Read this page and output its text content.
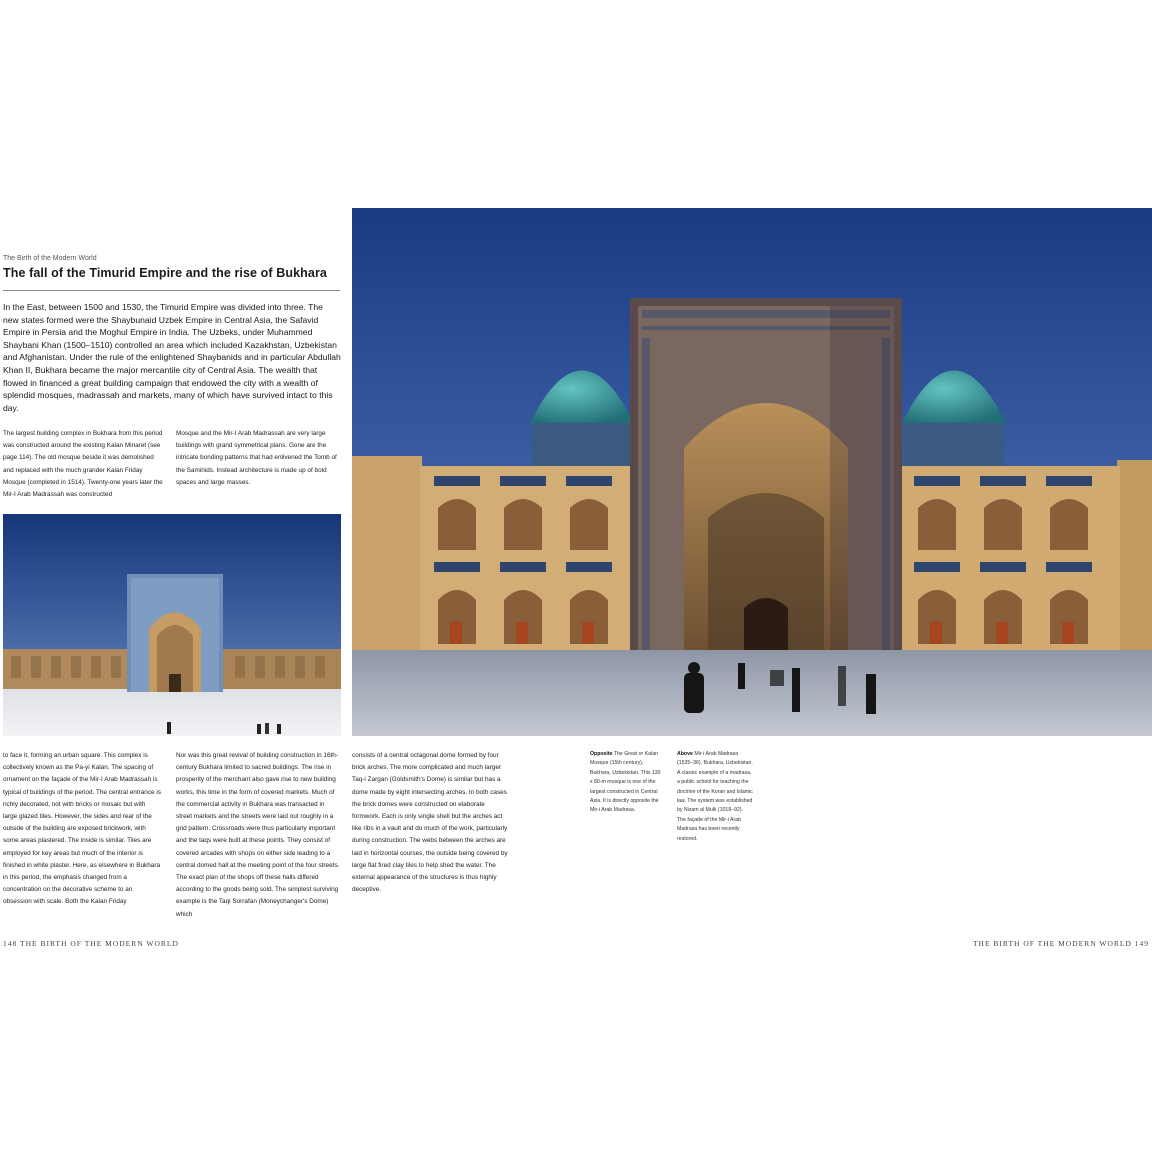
The Birth of the Modern World
The fall of the Timurid Empire and the rise of Bukhara
In the East, between 1500 and 1530, the Timurid Empire was divided into three. The new states formed were the Shaybunaid Uzbek Empire in Central Asia, the Safavid Empire in Persia and the Moghul Empire in India. The Uzbeks, under Muhammed Shaybani Khan (1500–1510) controlled an area which included Kazakhstan, Uzbekistan and Afghanistan. Under the rule of the enlightened Shaybanids and in particular Abdullah Khan II, Bukhara became the major mercantile city of Central Asia. The wealth that flowed in financed a great building campaign that endowed the city with a wealth of splendid mosques, madrassah and markets, many of which have survived intact to this day.
The largest building complex in Bukhara from this period was constructed around the existing Kalan Minaret (see page 114). The old mosque beside it was demolished and replaced with the much grander Kalan Friday Mosque (completed in 1514). Twenty-one years later the Mir-I Arab Madrassah was constructed
Mosque and the Mir-I Arab Madrassah are very large buildings with grand symmetrical plans. Gone are the intricate bonding patterns that had enlivened the Tomb of the Saminids. Instead architecture is made up of bold spaces and large masses.
to face it, forming an urban square. This complex is collectively known as the Pa-yi Kalan. The spacing of ornament on the façade of the Mir-I Arab Madrassah is typical of buildings of the period. The central entrance is richly decorated, not with bricks or mosaic but with large glazed tiles. However, the sides and rear of the outside of the building are exposed brickwork, with some areas plastered. The inside is similar. Tiles are employed for key areas but much of the interior is finished in white plaster. Here, as elsewhere in Bukhara in this period, the emphasis changed from a concentration on the decorative scheme to an obsession with scale. Both the Kalan Friday
Nor was this great revival of building construction in 16th-century Bukhara limited to sacred buildings. The rise in prosperity of the merchant also gave rise to new building works, this time in the form of covered markets. Much of the commercial activity in Bukhara was transacted in street markets and the streets were laid out roughly in a grid pattern. Crossroads were thus particularly important and the taqs were built at these points. They consist of covered arcades with shops on either side leading to a central domed hall at the meeting point of the four streets. The exact plan of the shops off these halls differed according to the goods being sold. The simplest surviving example is the Taqi Sorrafan (Moneychanger's Dome) which
consists of a central octagonal dome formed by four brick arches. The more complicated and much larger Taq-i Zargan (Goldsmith's Dome) is similar but has a dome made by eight intersecting arches. In both cases the brick domes were constructed on elaborate formwork. Each is only single shell but the arches act like ribs in a vault and do much of the work, particularly during construction. The webs between the arches are laid in horizontal courses, the outside being covered by large flat fired clay tiles to help shed the water. The external appearance of the structures is thus highly deceptive.
Opposite The Great or Kalan Mosque (15th century), Bukhara, Uzbekistan. This 130 x 80-m mosque is one of the largest constructed in Central Asia. It is directly opposite the Mir-i Arab Madrasa.
Above Mir-i Arab Madrasa (1535–36), Bukhara, Uzbekistan. A classic example of a madrasa, a public school for teaching the doctrine of the Koran and Islamic law. The system was established by Nizam al Mulk (1018–92). The façade of the Mir-i Arab Madrasa has been recently restored.
148 THE BIRTH OF THE MODERN WORLD	THE BIRTH OF THE MODERN WORLD 149
